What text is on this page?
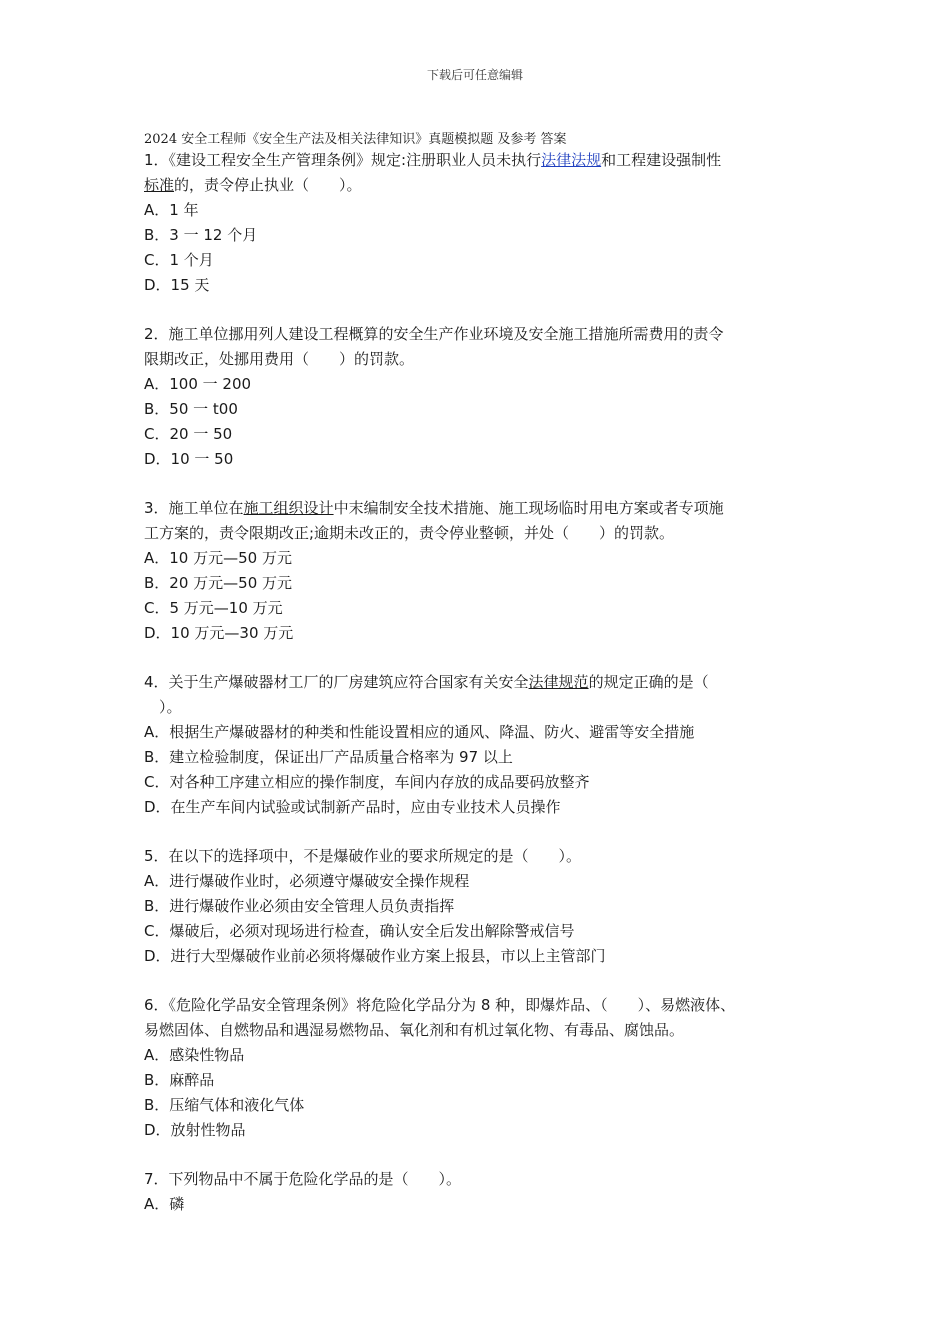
下载后可任意编辑
2024 安全工程师《安全生产法及相关法律知识》真题模拟题 及参考 答案
1．《建设工程安全生产管理条例》规定:注册职业人员未执行法律法规和工程建设强制性
标准的，责令停止执业（　　）。
A．1 年
B．3 一 12 个月
C．1 个月
D．15 天
2．施工单位挪用列人建设工程概算的安全生产作业环境及安全施工措施所需费用的责令
限期改正，处挪用费用（　　）的罚款。
A．100 一 200
B．50 一 t00
C．20 一 50
D．10 一 50
3．施工单位在施工组织设计中末编制安全技术措施、施工现场临时用电方案或者专项施
工方案的，责令限期改正;逾期未改正的，责令停业整顿，并处（　　）的罚款。
A．10 万元—50 万元
B．20 万元—50 万元
C．5 万元—10 万元
D．10 万元—30 万元
4．关于生产爆破器材工厂的厂房建筑应符合国家有关安全法律规范的规定正确的是（
　）。
A．根据生产爆破器材的种类和性能设置相应的通风、降温、防火、避雷等安全措施
B．建立检验制度，保证出厂产品质量合格率为 97 以上
C．对各种工序建立相应的操作制度，车间内存放的成品要码放整齐
D．在生产车间内试验或试制新产品时，应由专业技术人员操作
5．在以下的选择项中，不是爆破作业的要求所规定的是（　　）。
A．进行爆破作业时，必须遵守爆破安全操作规程
B．进行爆破作业必须由安全管理人员负责指挥
C．爆破后，必须对现场进行检查，确认安全后发出解除警戒信号
D．进行大型爆破作业前必须将爆破作业方案上报县，市以上主管部门
6．《危险化学品安全管理条例》将危险化学品分为 8 种，即爆炸品、（　　）、易燃液体、
易燃固体、自燃物品和遇湿易燃物品、氧化剂和有机过氧化物、有毒品、腐蚀品。
A．感染性物品
B．麻醉品
B．压缩气体和液化气体
D．放射性物品
7．下列物品中不属于危险化学品的是（　　）。
A．磷
